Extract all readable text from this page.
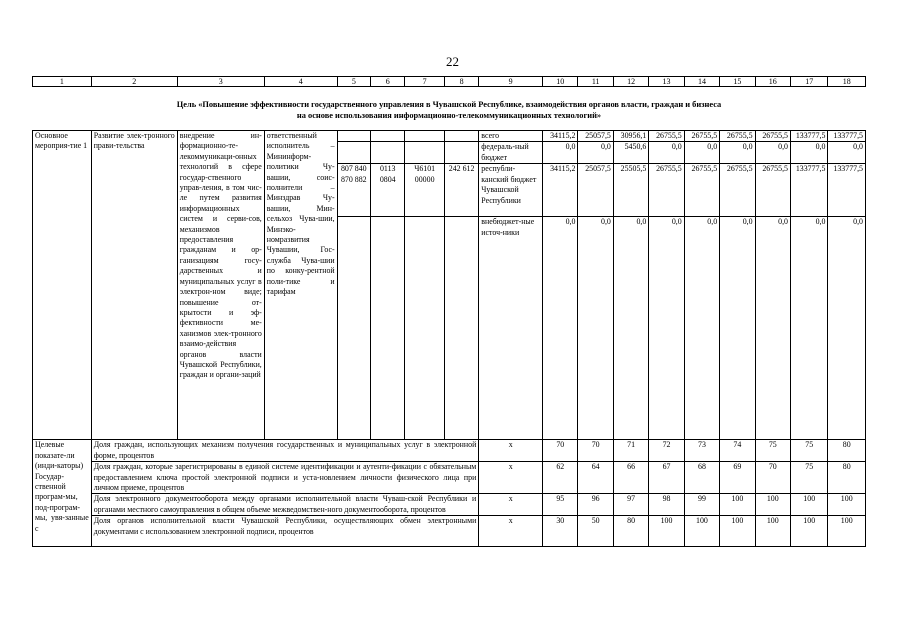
22
1	2	3	4	5	6	7	8	9	10	11	12	13	14	15	16	17	18
Цель «Повышение эффективности государственного управления в Чувашской Республике, взаимодействия органов власти, граждан и бизнеса
на основе использования информационно-телекоммуникационных технологий»
Основное мероприя-тие 1	Развитие элек-тронного прави-тельства	внедрение ин-формационно-те-лекоммуникаци-онных технологий в сфере государ-ственного управ-ления, в том чис-ле путем развития информационных систем и серви-сов, механизмов предоставления гражданам и ор-ганизациям госу-дарственных и муниципальных услуг в электрон-ном виде; повышение от-крытости и эф-фективности ме-ханизмов элек-тронного взаимо-действия органов власти Чувашской Республики, граждан и органи-заций	ответственный исполнитель – Мининформ-политики Чу-вашии, соис-полнители – Минздрав Чу-вашии, Мин-сельхоз Чува-шии, Минэко-номразвития Чувашии, Гос-служба Чува-шии по конку-рентной поли-тике и тарифам					всего	34115,2	25057,5	30956,1	26755,5	26755,5	26755,5	26755,5	133777,5	133777,5
								федераль-ный бюджет	0,0	0,0	5450,6	0,0	0,0	0,0	0,0	0,0	0,0
				807 840 870 882	0113 0804	Ч6101 00000	242 612	республи-канский бюджет Чувашской Республики	34115,2	25057,5	25505,5	26755,5	26755,5	26755,5	26755,5	133777,5	133777,5
								внебюджет-ные источ-ники	0,0	0,0	0,0	0,0	0,0	0,0	0,0	0,0	0,0
Целевые показате-ли (инди-каторы) Государ-ственной програм-мы, под-програм-мы, увя-занные с	Доля граждан, использующих механизм получения государственных и муниципальных услуг в электронной форме, процентов							x	70	70	71	72	73	74	75	75	80
	Доля граждан, которые зарегистрированы в единой системе идентификации и аутенти-фикации с обязательным предоставлением ключа простой электронной подписи и уста-новлением личности физического лица при личном приеме, процентов							x	62	64	66	67	68	69	70	75	80
	Доля электронного документооборота между органами исполнительной власти Чуваш-ской Республики и органами местного самоуправления в общем объеме межведомствен-ного документооборота, процентов							x	95	96	97	98	99	100	100	100	100
	Доля органов исполнительной власти Чувашской Республики, осуществляющих обмен электронными документами с использованием электронной подписи, процентов							x	30	50	80	100	100	100	100	100	100
